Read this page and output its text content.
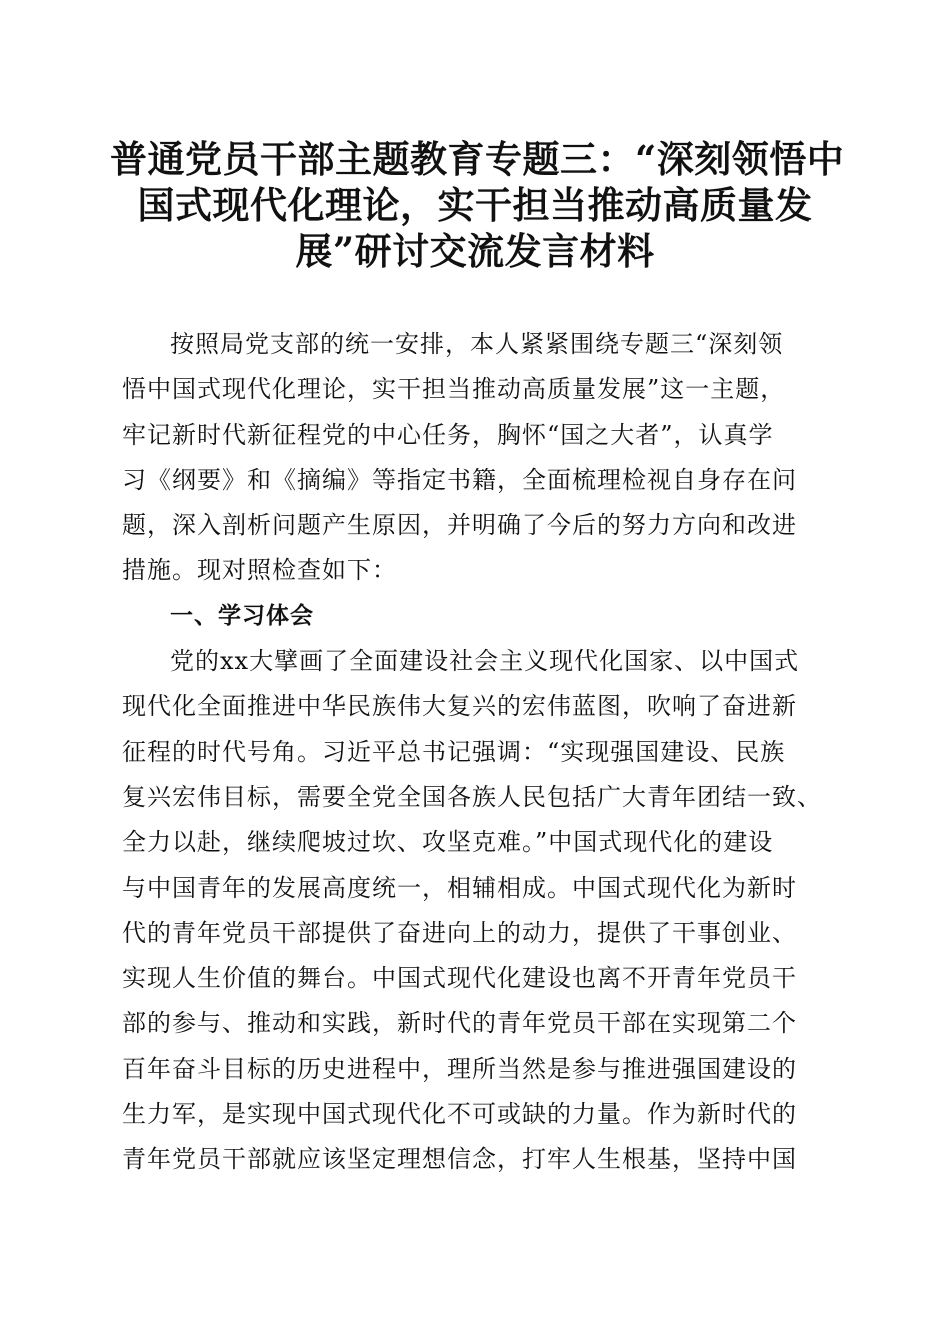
普通党员干部主题教育专题三：“深刻领悟中
国式现代化理论，实干担当推动高质量发
展”研讨交流发言材料
按照局党支部的统一安排，本人紧紧围绕专题三“深刻领
悟中国式现代化理论，实干担当推动高质量发展”这一主题，
牢记新时代新征程党的中心任务，胸怀“国之大者”，认真学
习《纲要》和《摘编》等指定书籍，全面梳理检视自身存在问
题，深入剖析问题产生原因，并明确了今后的努力方向和改进
措施。现对照检查如下：
一、学习体会
党的xx大擘画了全面建设社会主义现代化国家、以中国式
现代化全面推进中华民族伟大复兴的宏伟蓝图，吹响了奋进新
征程的时代号角。习近平总书记强调：“实现强国建设、民族
复兴宏伟目标，需要全党全国各族人民包括广大青年团结一致、
全力以赴，继续爬坡过坎、攻坚克难。”中国式现代化的建设
与中国青年的发展高度统一，相辅相成。中国式现代化为新时
代的青年党员干部提供了奋进向上的动力，提供了干事创业、
实现人生价值的舞台。中国式现代化建设也离不开青年党员干
部的参与、推动和实践，新时代的青年党员干部在实现第二个
百年奋斗目标的历史进程中，理所当然是参与推进强国建设的
生力军，是实现中国式现代化不可或缺的力量。作为新时代的
青年党员干部就应该坚定理想信念，打牢人生根基，坚持中国
